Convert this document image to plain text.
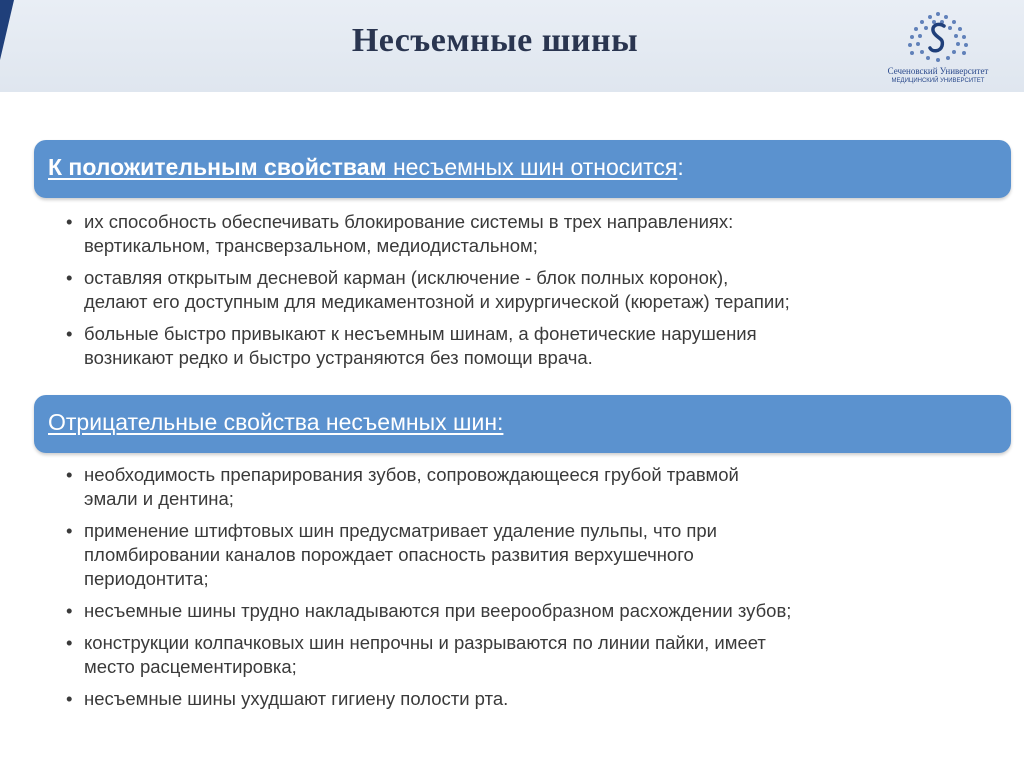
Несъемные шины
Сеченовский Университет
МЕДИЦИНСКИЙ УНИВЕРСИТЕТ
К положительным свойствам несъемных шин относится:
• их способность обеспечивать блокирование системы в трех направлениях:
вертикальном, трансверзальном, медиодистальном;
• оставляя открытым десневой карман (исключение - блок полных коронок),
делают его доступным для медикаментозной и хирургической (кюретаж) терапии;
• больные быстро привыкают к несъемным шинам, а фонетические нарушения
возникают редко и быстро устраняются без помощи врача.
Отрицательные свойства несъемных шин:
• необходимость препарирования зубов, сопровождающееся грубой травмой
эмали и дентина;
• применение штифтовых шин предусматривает удаление пульпы, что при
пломбировании каналов порождает опасность развития верхушечного
периодонтита;
• несъемные шины трудно накладываются при веерообразном расхождении зубов;
• конструкции колпачковых шин непрочны и разрываются по линии пайки, имеет
место расцементировка;
• несъемные шины ухудшают гигиену полости рта.
